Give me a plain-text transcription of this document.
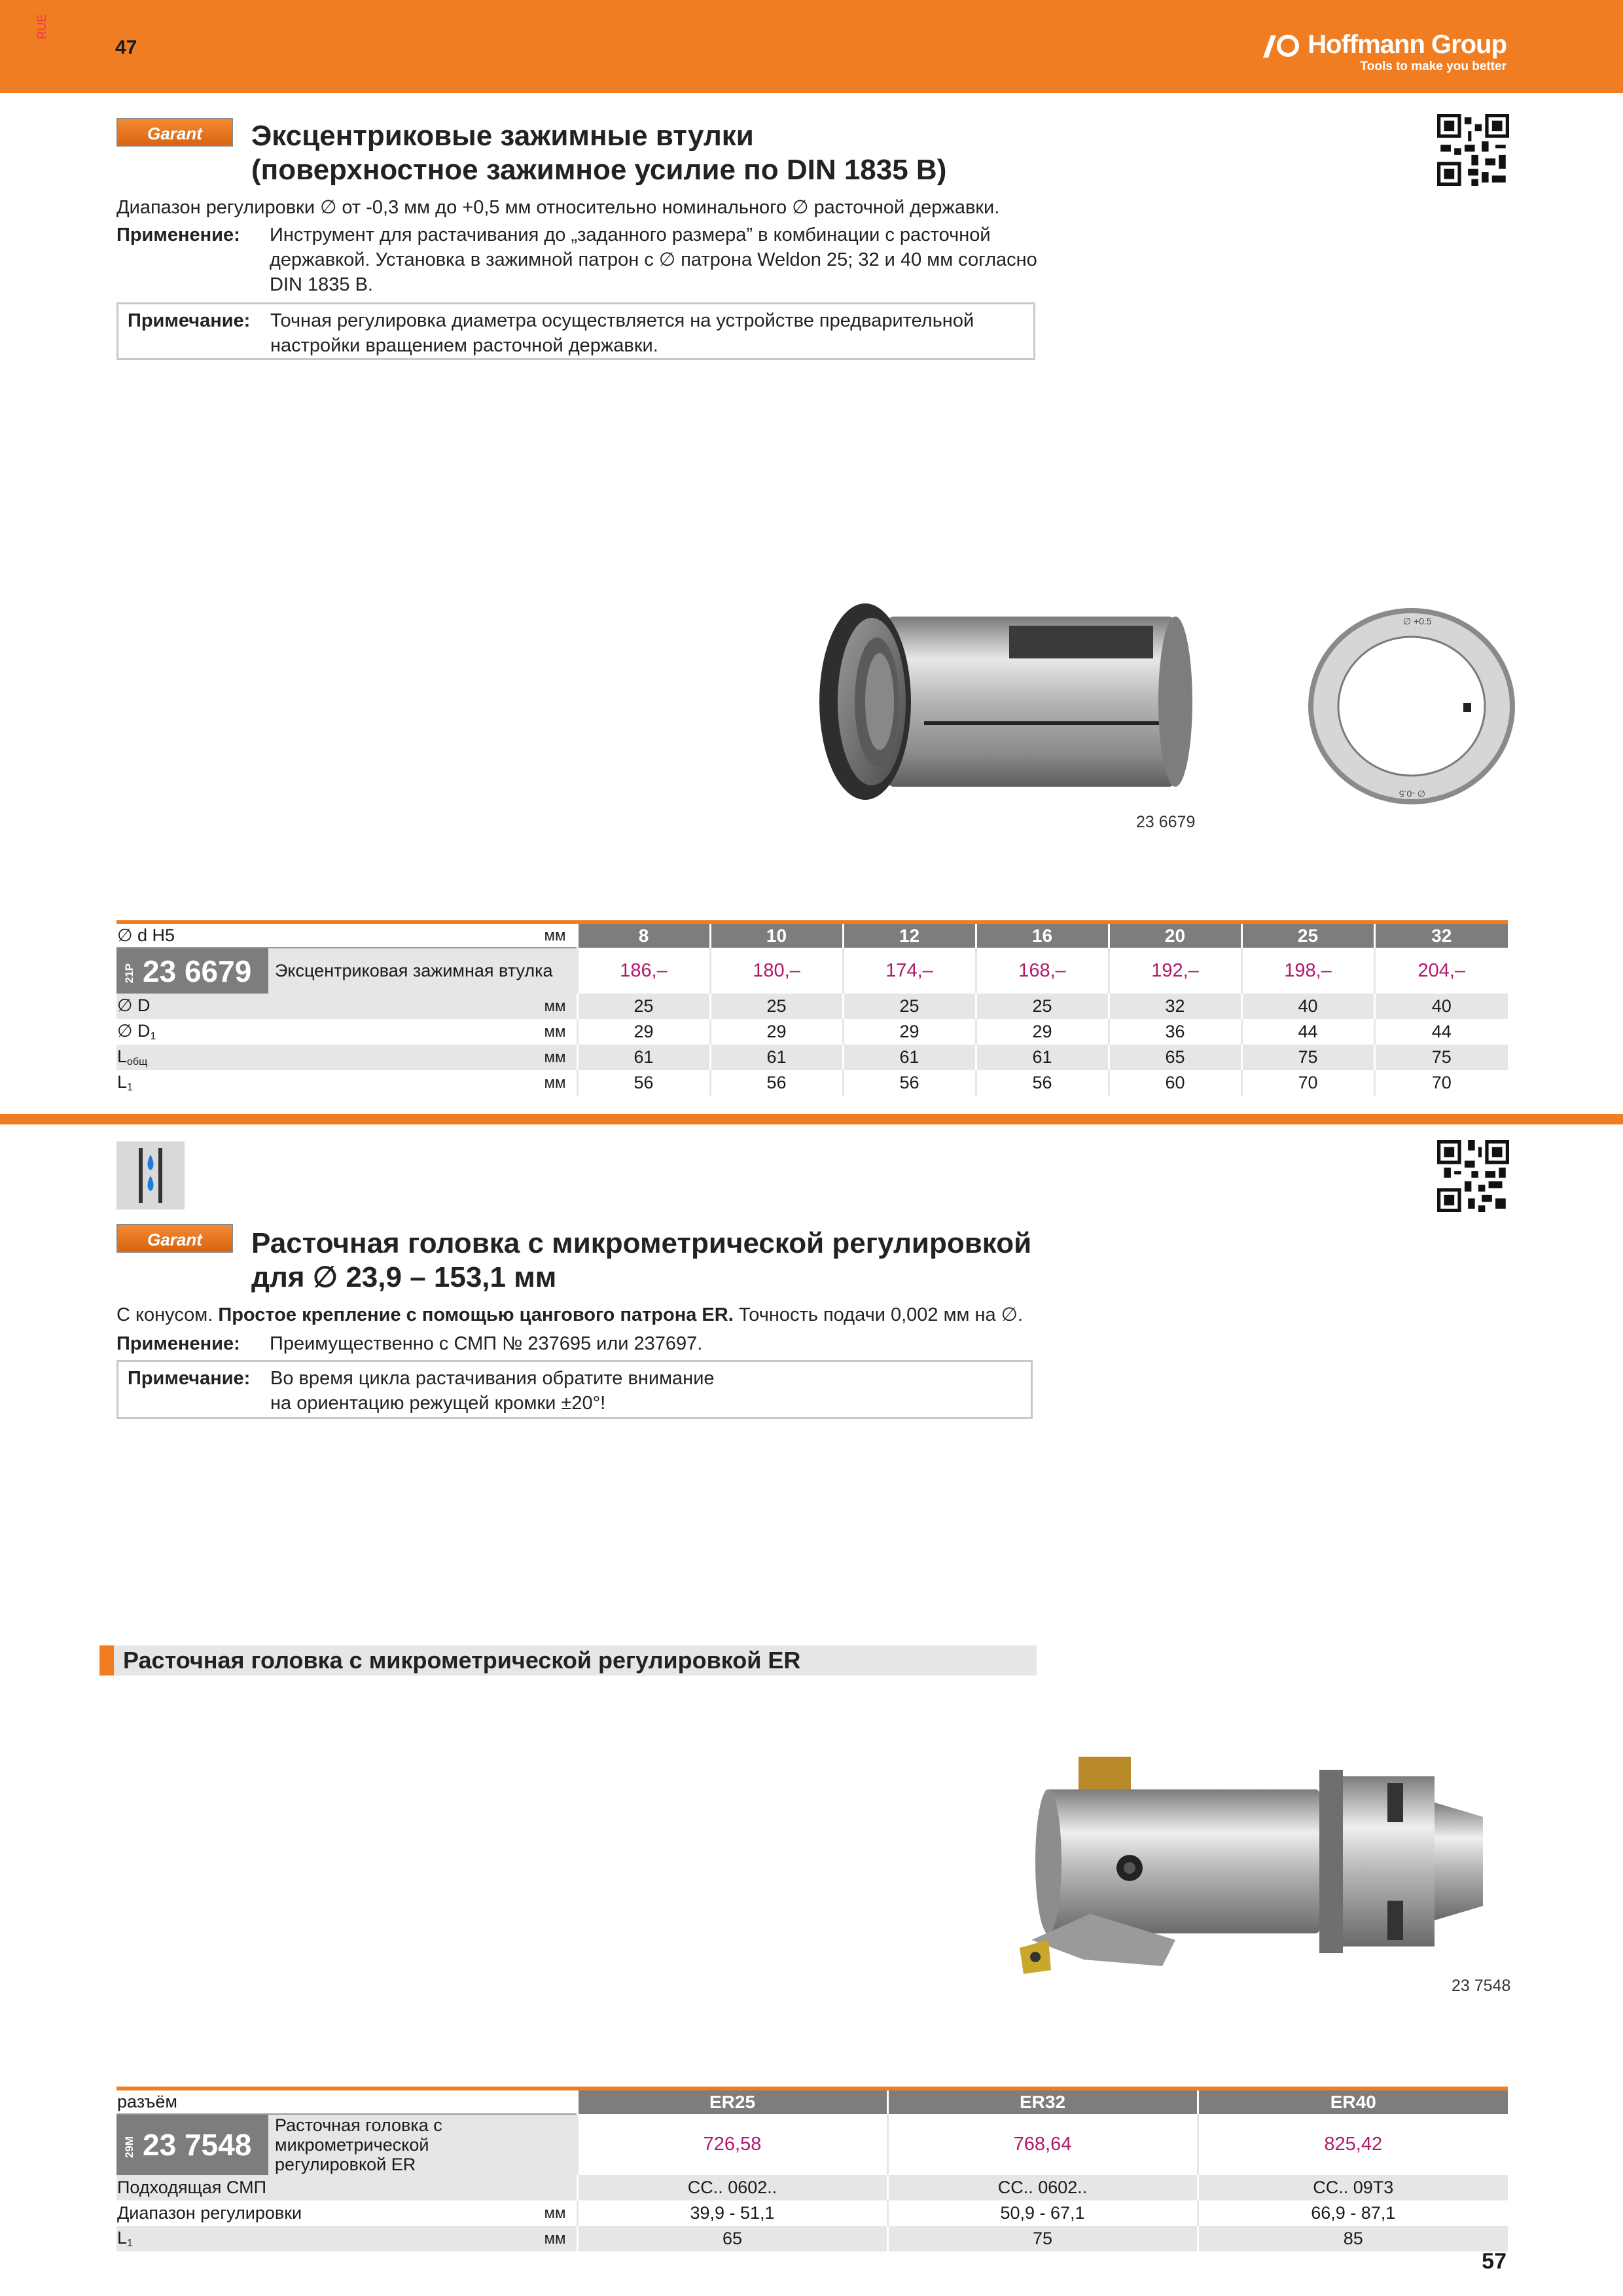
RUE
47	Hoffmann Group
Tools to make you better
Garant	Эксцентриковые зажимные втулки
(поверхностное зажимное усилие по DIN 1835 B)
Диапазон регулировки ∅ от -0,3 мм до +0,5 мм относительно номинального ∅ расточной державки.
Применение: Инструмент для растачивания до „заданного размера” в комбинации с расточной
державкой. Установка в зажимной патрон с ∅ патрона Weldon 25; 32 и 40 мм согласно
DIN 1835 B.
Примечание: Точная регулировка диаметра осуществляется на устройстве предварительной
настройки вращением расточной державки.
∅ +0.5
∅ -0.5
23 6679
∅ d H5 мм		8	10	12	16	20	25	32
21P 23 6679	Эксцентриковая зажимная втулка	186,–	180,–	174,–	168,–	192,–	198,–	204,–
∅ D мм		25	25	25	25	32	40	40
∅ $D_1$ мм		29	29	29	29	36	44	44
$L_{общ}$ мм		61	61	61	61	65	75	75
$L_1$ мм		56	56	56	56	60	70	70
Garant	Расточная головка с микрометрической регулировкой
для ∅ 23,9 – 153,1 мм
С конусом. Простое крепление с помощью цангового патрона ER. Точность подачи 0,002 мм на ∅.
Применение: Преимущественно с СМП № 237695 или 237697.
Примечание: Во время цикла растачивания обратите внимание
на ориентацию режущей кромки ±20°!
Расточная головка с микрометрической регулировкой ER
23 7548
разъём		ER25	ER32	ER40
29M 23 7548	Расточная головка с микрометрической
регулировкой ER	726,58	768,64	825,42
Подходящая СМП		CC.. 0602..	CC.. 0602..	CC.. 09T3
Диапазон регулировки мм		39,9 - 51,1	50,9 - 67,1	66,9 - 87,1
$L_1$ мм		65	75	85
57
